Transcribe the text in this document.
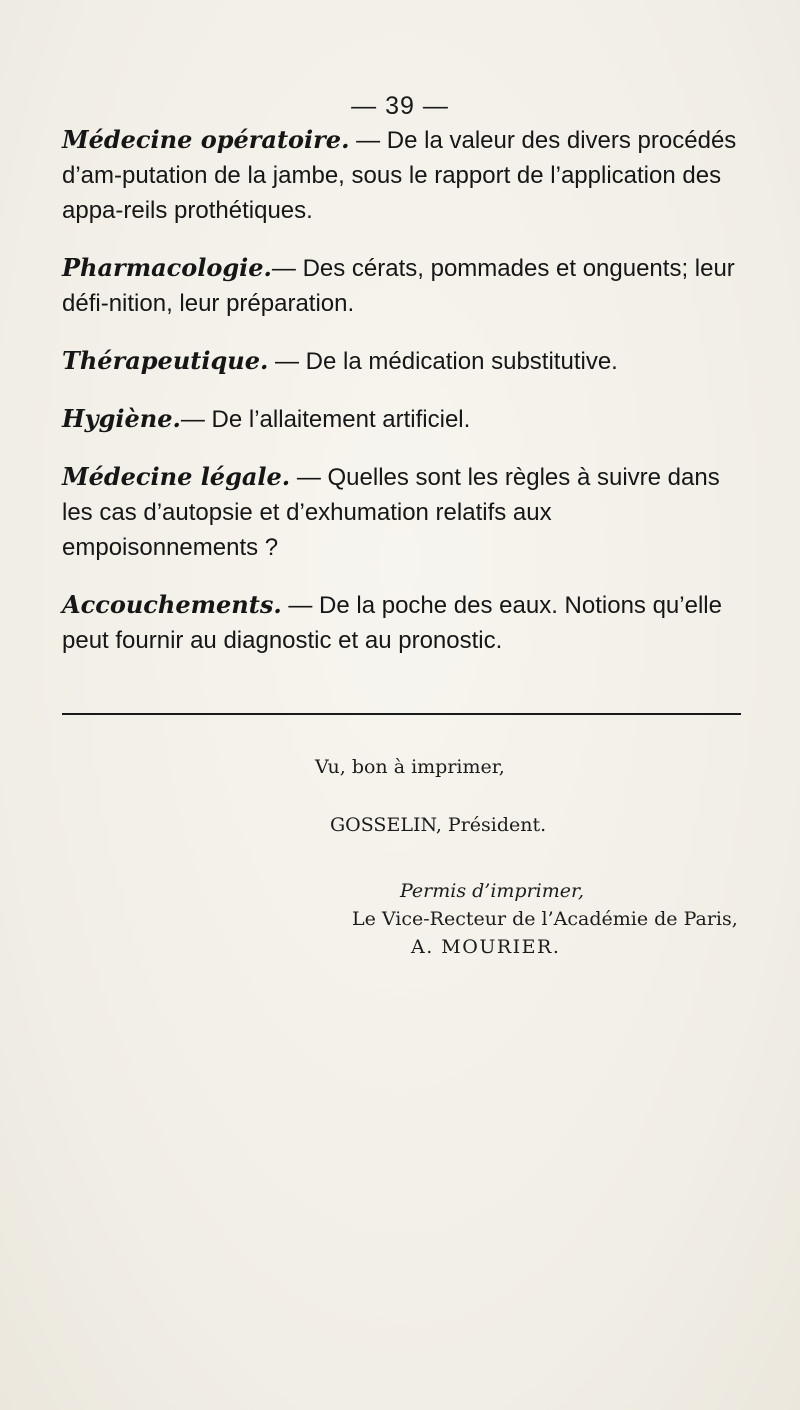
— 39 —

Médecine opératoire. — De la valeur des divers procédés d’am-putation de la jambe, sous le rapport de l’application des appa-reils prothétiques.

Pharmacologie.— Des cérats, pommades et onguents; leur défi-nition, leur préparation.

Thérapeutique. — De la médication substitutive.

Hygiène.— De l’allaitement artificiel.

Médecine légale. — Quelles sont les règles à suivre dans les cas d’autopsie et d’exhumation relatifs aux empoisonnements ?

Accouchements. — De la poche des eaux. Notions qu’elle peut fournir au diagnostic et au pronostic.

Vu, bon à imprimer,
GOSSELIN, Président.
Permis d’imprimer,
Le Vice-Recteur de l’Académie de Paris,
A. MOURIER.
